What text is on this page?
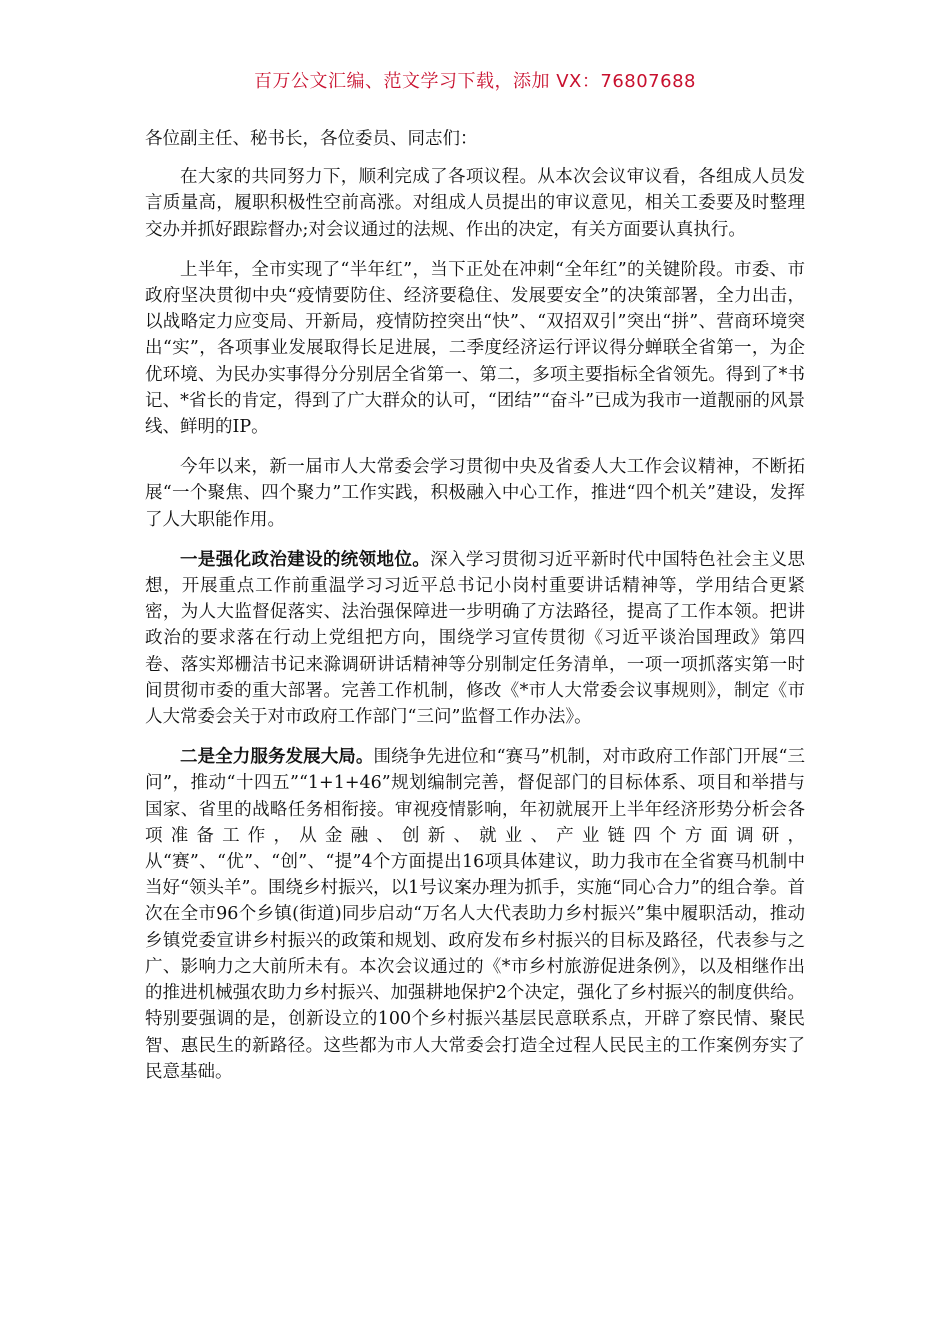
百万公文汇编、范文学习下载，添加 VX：76807688

各位副主任、秘书长，各位委员、同志们：

在大家的共同努力下，顺利完成了各项议程。从本次会议审议看，各组成人员发言质量高，履职积极性空前高涨。对组成人员提出的审议意见，相关工委要及时整理交办并抓好跟踪督办;对会议通过的法规、作出的决定，有关方面要认真执行。

上半年，全市实现了“半年红”，当下正处在冲刺“全年红”的关键阶段。市委、市政府坚决贯彻中央“疫情要防住、经济要稳住、发展要安全”的决策部署，全力出击，以战略定力应变局、开新局，疫情防控突出“快”、“双招双引”突出“拼”、营商环境突出“实”，各项事业发展取得长足进展，二季度经济运行评议得分蝉联全省第一，为企优环境、为民办实事得分分别居全省第一、第二，多项主要指标全省领先。得到了*书记、*省长的肯定，得到了广大群众的认可，“团结”“奋斗”已成为我市一道靓丽的风景线、鲜明的IP。

今年以来，新一届市人大常委会学习贯彻中央及省委人大工作会议精神，不断拓展“一个聚焦、四个聚力”工作实践，积极融入中心工作，推进“四个机关”建设，发挥了人大职能作用。

一是强化政治建设的统领地位。深入学习贯彻习近平新时代中国特色社会主义思想，开展重点工作前重温学习习近平总书记小岗村重要讲话精神等，学用结合更紧密，为人大监督促落实、法治强保障进一步明确了方法路径，提高了工作本领。把讲政治的要求落在行动上党组把方向，围绕学习宣传贯彻《习近平谈治国理政》第四卷、落实郑栅洁书记来滁调研讲话精神等分别制定任务清单，一项一项抓落实第一时间贯彻市委的重大部署。完善工作机制，修改《*市人大常委会议事规则》，制定《市人大常委会关于对市政府工作部门“三问”监督工作办法》。

二是全力服务发展大局。围绕争先进位和“赛马”机制，对市政府工作部门开展“三问”，推动“十四五”“1+1+46”规划编制完善，督促部门的目标体系、项目和举措与国家、省里的战略任务相衔接。审视疫情影响，年初就展开上半年经济形势分析会各项准备工作，从金融、创新、就业、产业链四个方面调研，从“赛”、“优”、“创”、“提”4个方面提出16项具体建议，助力我市在全省赛马机制中当好“领头羊”。围绕乡村振兴，以1号议案办理为抓手，实施“同心合力”的组合拳。首次在全市96个乡镇(街道)同步启动“万名人大代表助力乡村振兴”集中履职活动，推动乡镇党委宣讲乡村振兴的政策和规划、政府发布乡村振兴的目标及路径，代表参与之广、影响力之大前所未有。本次会议通过的《*市乡村旅游促进条例》，以及相继作出的推进机械强农助力乡村振兴、加强耕地保护2个决定，强化了乡村振兴的制度供给。特别要强调的是，创新设立的100个乡村振兴基层民意联系点，开辟了察民情、聚民智、惠民生的新路径。这些都为市人大常委会打造全过程人民民主的工作案例夯实了民意基础。
